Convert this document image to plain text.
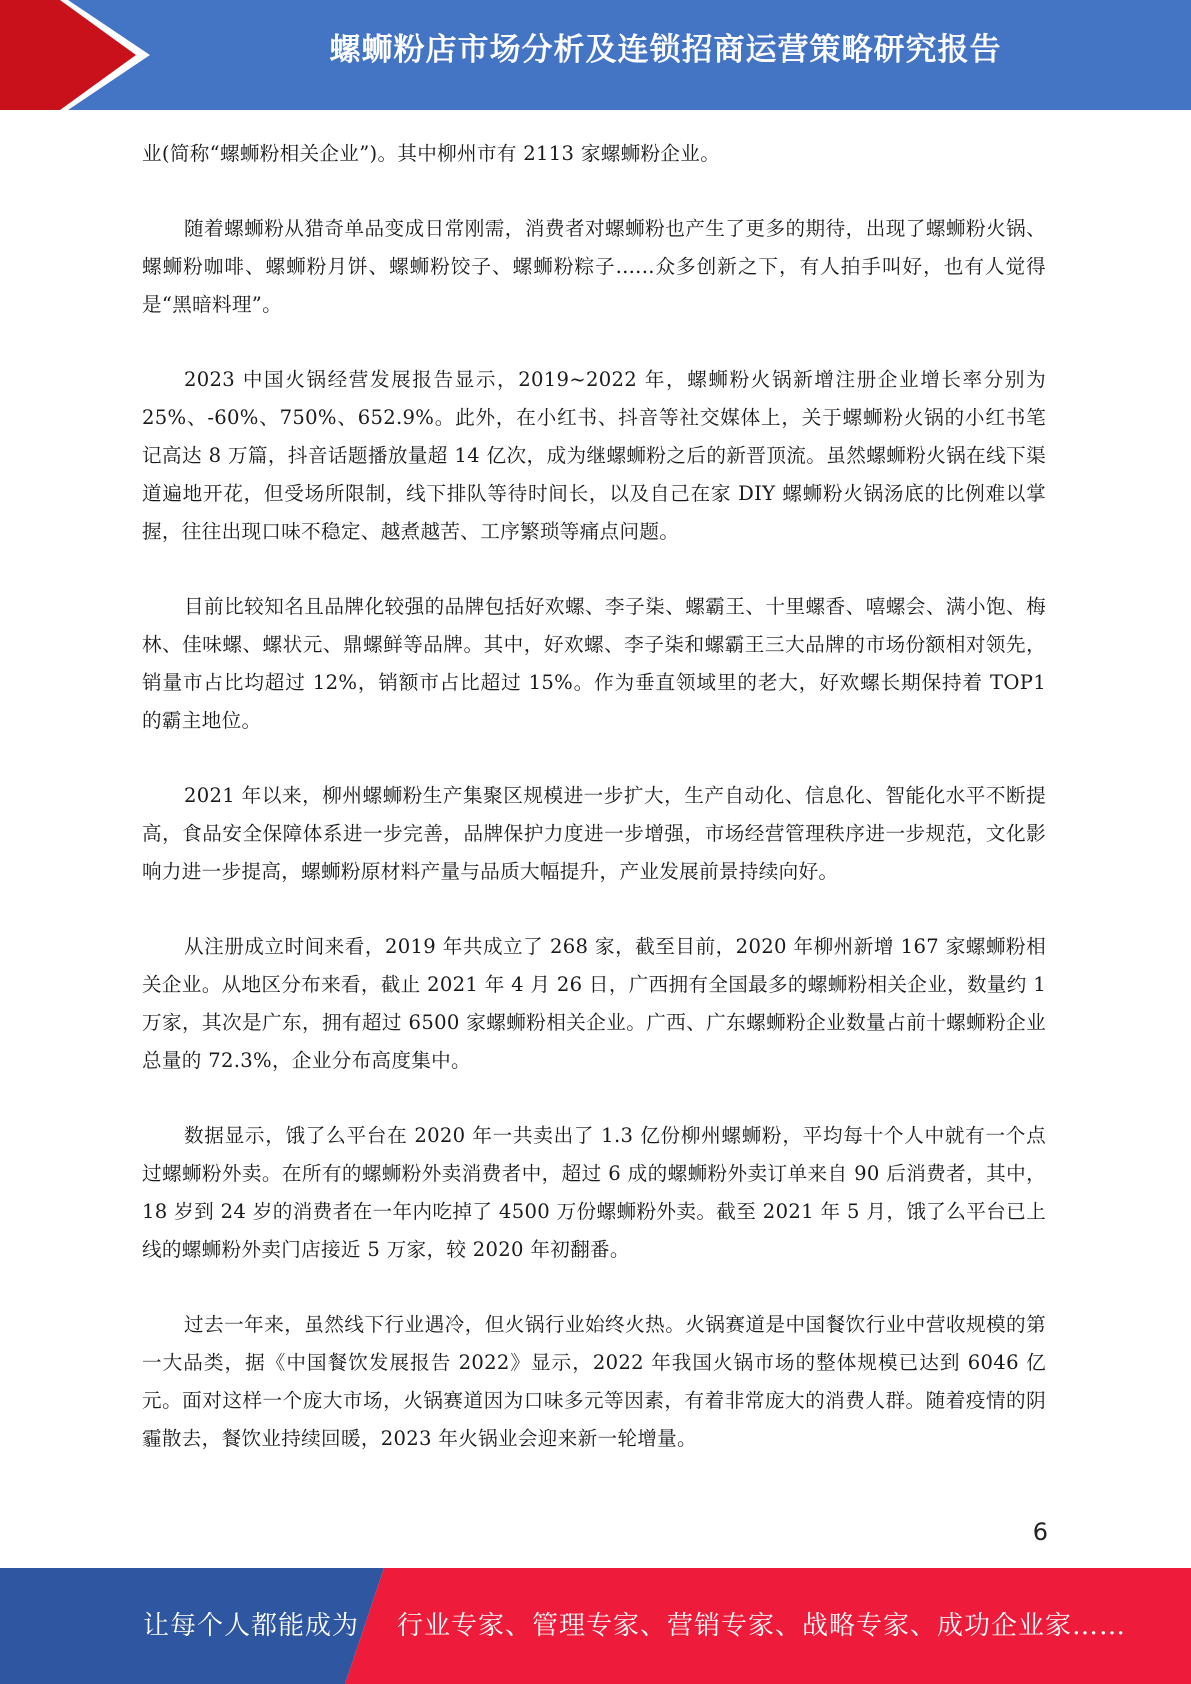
螺蛳粉店市场分析及连锁招商运营策略研究报告

业(简称“螺蛳粉相关企业”)。其中柳州市有 2113 家螺蛳粉企业。

随着螺蛳粉从猎奇单品变成日常刚需，消费者对螺蛳粉也产生了更多的期待，出现了螺蛳粉火锅、螺蛳粉咖啡、螺蛳粉月饼、螺蛳粉饺子、螺蛳粉粽子......众多创新之下，有人拍手叫好，也有人觉得是“黑暗料理”。

2023 中国火锅经营发展报告显示，2019~2022 年，螺蛳粉火锅新增注册企业增长率分别为 25%、-60%、750%、652.9%。此外，在小红书、抖音等社交媒体上，关于螺蛳粉火锅的小红书笔记高达 8 万篇，抖音话题播放量超 14 亿次，成为继螺蛳粉之后的新晋顶流。虽然螺蛳粉火锅在线下渠道遍地开花，但受场所限制，线下排队等待时间长，以及自己在家 DIY 螺蛳粉火锅汤底的比例难以掌握，往往出现口味不稳定、越煮越苦、工序繁琐等痛点问题。

目前比较知名且品牌化较强的品牌包括好欢螺、李子柒、螺霸王、十里螺香、嘻螺会、满小饱、梅林、佳味螺、螺状元、鼎螺鲜等品牌。其中，好欢螺、李子柒和螺霸王三大品牌的市场份额相对领先，销量市占比均超过 12%，销额市占比超过 15%。作为垂直领域里的老大，好欢螺长期保持着 TOP1 的霸主地位。

2021 年以来，柳州螺蛳粉生产集聚区规模进一步扩大，生产自动化、信息化、智能化水平不断提高，食品安全保障体系进一步完善，品牌保护力度进一步增强，市场经营管理秩序进一步规范，文化影响力进一步提高，螺蛳粉原材料产量与品质大幅提升，产业发展前景持续向好。

从注册成立时间来看，2019 年共成立了 268 家，截至目前，2020 年柳州新增 167 家螺蛳粉相关企业。从地区分布来看，截止 2021 年 4 月 26 日，广西拥有全国最多的螺蛳粉相关企业，数量约 1 万家，其次是广东，拥有超过 6500 家螺蛳粉相关企业。广西、广东螺蛳粉企业数量占前十螺蛳粉企业总量的 72.3%，企业分布高度集中。

数据显示，饿了么平台在 2020 年一共卖出了 1.3 亿份柳州螺蛳粉，平均每十个人中就有一个点过螺蛳粉外卖。在所有的螺蛳粉外卖消费者中，超过 6 成的螺蛳粉外卖订单来自 90 后消费者，其中，18 岁到 24 岁的消费者在一年内吃掉了 4500 万份螺蛳粉外卖。截至 2021 年 5 月，饿了么平台已上线的螺蛳粉外卖门店接近 5 万家，较 2020 年初翻番。

过去一年来，虽然线下行业遇冷，但火锅行业始终火热。火锅赛道是中国餐饮行业中营收规模的第一大品类，据《中国餐饮发展报告 2022》显示，2022 年我国火锅市场的整体规模已达到 6046 亿元。面对这样一个庞大市场，火锅赛道因为口味多元等因素，有着非常庞大的消费人群。随着疫情的阴霾散去，餐饮业持续回暖，2023 年火锅业会迎来新一轮增量。

6
让每个人都能成为 行业专家、管理专家、营销专家、战略专家、成功企业家……
